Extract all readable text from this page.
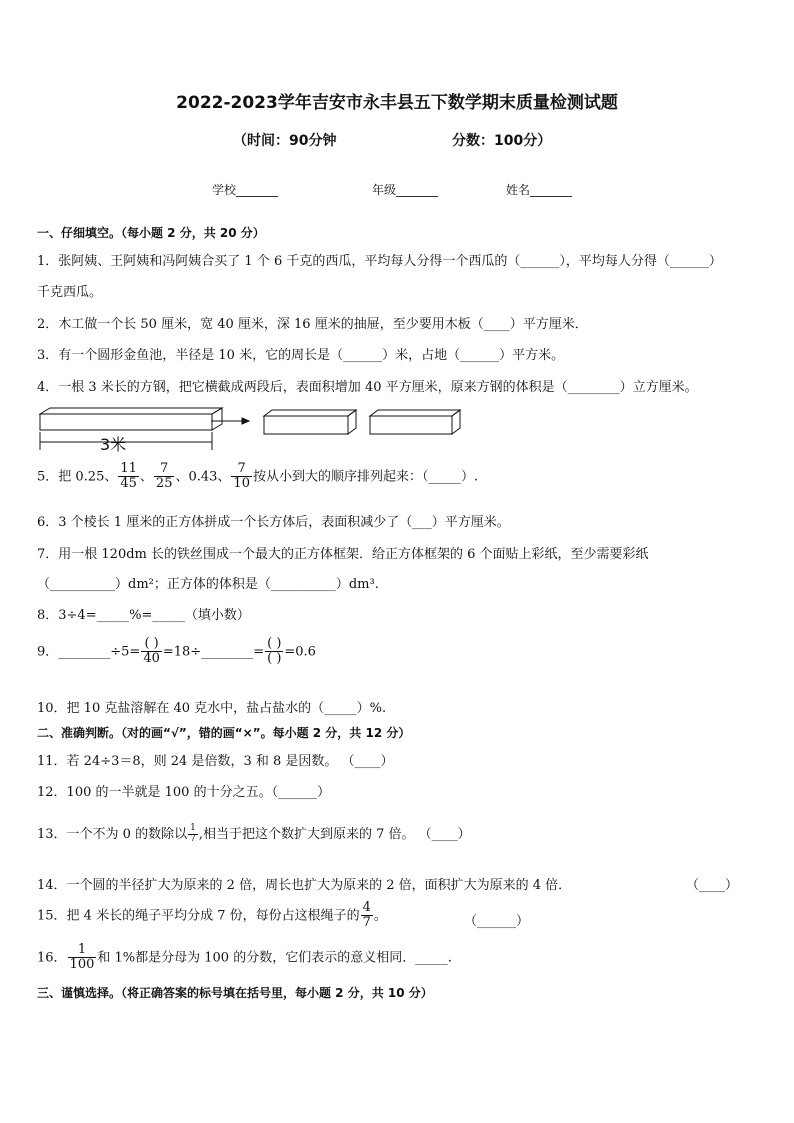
2022-2023学年吉安市永丰县五下数学期末质量检测试题
（时间：90分钟	分数：100分）
学校_______	年级_______	姓名_______
一、仔细填空。（每小题 2 分，共 20 分）
1．张阿姨、王阿姨和冯阿姨合买了 1 个 6 千克的西瓜，平均每人分得一个西瓜的（______），平均每人分得（______）
千克西瓜。
2．木工做一个长 50 厘米，宽 40 厘米，深 16 厘米的抽屉，至少要用木板（____）平方厘米．
3．有一个圆形金鱼池，半径是 10 米，它的周长是（______）米，占地（______）平方米。
4．一根 3 米长的方钢，把它横截成两段后，表面积增加 40 平方厘米，原来方钢的体积是（________）立方厘米。
3米
5．把 0.25、 $\frac{11}{45}$ 、 $\frac{7}{25}$ 、0.43、 $\frac{7}{10}$ 按从小到大的顺序排列起来：（_____）.
6．3 个棱长 1 厘米的正方体拼成一个长方体后，表面积减少了（___）平方厘米。
7．用一根 120dm 长的铁丝围成一个最大的正方体框架．给正方体框架的 6 个面贴上彩纸，至少需要彩纸
（__________）dm²；正方体的体积是（__________）dm³.
8．3÷4=_____%=_____（填小数）
9．________÷5= $\frac{( )}{40}$ =18÷________= $\frac{( )}{( )} =0.6$
10．把 10 克盐溶解在 40 克水中，盐占盐水的（_____）%.
二、准确判断。（对的画“√”，错的画“×”。每小题 2 分，共 12 分）
11．若 24÷3＝8，则 24 是倍数，3 和 8 是因数。 （____）
12．100 的一半就是 100 的十分之五。（______）
13．一个不为 0 的数除以 $\frac{1}{7}$ ,相当于把这个数扩大到原来的 7 倍。 （____）
14．一个圆的半径扩大为原来的 2 倍，周长也扩大为原来的 2 倍，面积扩大为原来的 4 倍．	（____）
15．把 4 米长的绳子平均分成 7 份，每份占这根绳子的 $\frac{4}{7}$ 。	（______）
16． $\frac{1}{100}$ 和 1%都是分母为 100 的分数，它们表示的意义相同．_____.
三、谨慎选择。（将正确答案的标号填在括号里，每小题 2 分，共 10 分）
